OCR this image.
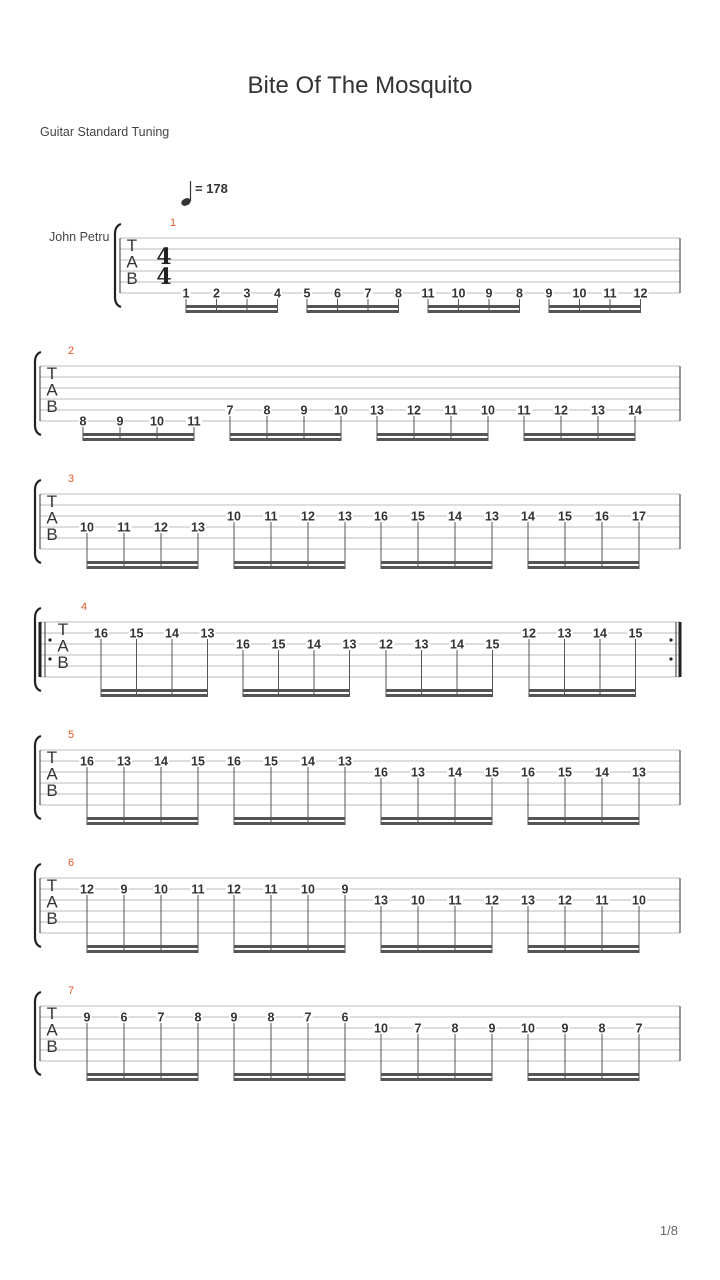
Bite Of The Mosquito
Guitar Standard Tuning
1/8
John Petru
= 178
T
A
B
4
4
1
1 2 3 4 5 6 7 8 11 10 9 8 9 10 11 12
T
A
B
2
8 9 10 11
7 8 9 10 13 12 11 10 11 12 13 14
T
A
B
3
10 11 12 13
10 11 12 13 16 15 14 13 14 15 16 17
T
A
B
4
16 15 14 13
16 15 14 13 12 13 14 15
12 13 14 15
T
A
B
5
16 13 14 15 16 15 14 13
16 13 14 15 16 15 14 13
T
A
B
6
12 9 10 11 12 11 10 9
13 10 11 12 13 12 11 10
T
A
B
7
9 6 7 8 9 8 7 6
10 7 8 9 10 9 8 7
